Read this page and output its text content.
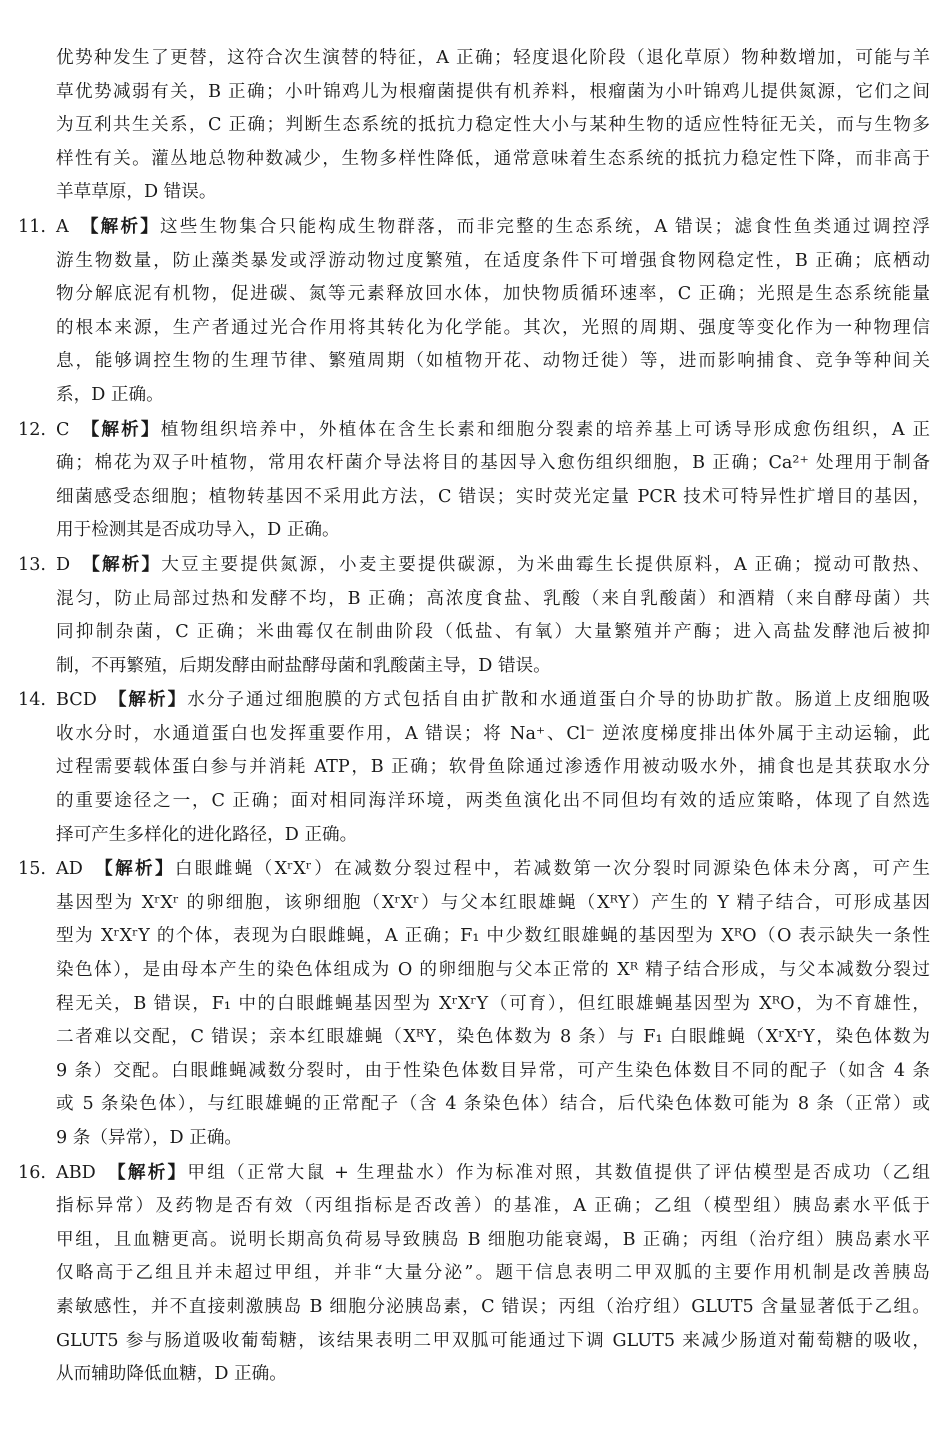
优势种发生了更替，这符合次生演替的特征，A 正确；轻度退化阶段（退化草原）物种数增加，可能与羊
草优势减弱有关，B 正确；小叶锦鸡儿为根瘤菌提供有机养料，根瘤菌为小叶锦鸡儿提供氮源，它们之间
为互利共生关系，C 正确；判断生态系统的抵抗力稳定性大小与某种生物的适应性特征无关，而与生物多
样性有关。灌丛地总物种数减少，生物多样性降低，通常意味着生态系统的抵抗力稳定性下降，而非高于
羊草草原，D 错误。
11. A 【解析】这些生物集合只能构成生物群落，而非完整的生态系统，A 错误；滤食性鱼类通过调控浮
游生物数量，防止藻类暴发或浮游动物过度繁殖，在适度条件下可增强食物网稳定性，B 正确；底栖动
物分解底泥有机物，促进碳、氮等元素释放回水体，加快物质循环速率，C 正确；光照是生态系统能量
的根本来源，生产者通过光合作用将其转化为化学能。其次，光照的周期、强度等变化作为一种物理信
息，能够调控生物的生理节律、繁殖周期（如植物开花、动物迁徙）等，进而影响捕食、竞争等种间关
系，D 正确。
12. C 【解析】植物组织培养中，外植体在含生长素和细胞分裂素的培养基上可诱导形成愈伤组织，A 正
确；棉花为双子叶植物，常用农杆菌介导法将目的基因导入愈伤组织细胞，B 正确；Ca²⁺ 处理用于制备
细菌感受态细胞；植物转基因不采用此方法，C 错误；实时荧光定量 PCR 技术可特异性扩增目的基因，
用于检测其是否成功导入，D 正确。
13. D 【解析】大豆主要提供氮源，小麦主要提供碳源，为米曲霉生长提供原料，A 正确；搅动可散热、
混匀，防止局部过热和发酵不均，B 正确；高浓度食盐、乳酸（来自乳酸菌）和酒精（来自酵母菌）共
同抑制杂菌，C 正确；米曲霉仅在制曲阶段（低盐、有氧）大量繁殖并产酶；进入高盐发酵池后被抑
制，不再繁殖，后期发酵由耐盐酵母菌和乳酸菌主导，D 错误。
14. BCD 【解析】水分子通过细胞膜的方式包括自由扩散和水通道蛋白介导的协助扩散。肠道上皮细胞吸
收水分时，水通道蛋白也发挥重要作用，A 错误；将 Na⁺、Cl⁻ 逆浓度梯度排出体外属于主动运输，此
过程需要载体蛋白参与并消耗 ATP，B 正确；软骨鱼除通过渗透作用被动吸水外，捕食也是其获取水分
的重要途径之一，C 正确；面对相同海洋环境，两类鱼演化出不同但均有效的适应策略，体现了自然选
择可产生多样化的进化路径，D 正确。
15. AD 【解析】白眼雌蝇（XʳXʳ）在减数分裂过程中，若减数第一次分裂时同源染色体未分离，可产生
基因型为 XʳXʳ 的卵细胞，该卵细胞（XʳXʳ）与父本红眼雄蝇（XᴿY）产生的 Y 精子结合，可形成基因
型为 XʳXʳY 的个体，表现为白眼雌蝇，A 正确；F₁ 中少数红眼雄蝇的基因型为 XᴿO（O 表示缺失一条性
染色体），是由母本产生的染色体组成为 O 的卵细胞与父本正常的 Xᴿ 精子结合形成，与父本减数分裂过
程无关，B 错误，F₁ 中的白眼雌蝇基因型为 XʳXʳY（可育），但红眼雄蝇基因型为 XᴿO，为不育雄性，
二者难以交配，C 错误；亲本红眼雄蝇（XᴿY，染色体数为 8 条）与 F₁ 白眼雌蝇（XʳXʳY，染色体数为
9 条）交配。白眼雌蝇减数分裂时，由于性染色体数目异常，可产生染色体数目不同的配子（如含 4 条
或 5 条染色体），与红眼雄蝇的正常配子（含 4 条染色体）结合，后代染色体数可能为 8 条（正常）或
9 条（异常），D 正确。
16. ABD 【解析】甲组（正常大鼠 + 生理盐水）作为标准对照，其数值提供了评估模型是否成功（乙组
指标异常）及药物是否有效（丙组指标是否改善）的基准，A 正确；乙组（模型组）胰岛素水平低于
甲组，且血糖更高。说明长期高负荷易导致胰岛 B 细胞功能衰竭，B 正确；丙组（治疗组）胰岛素水平
仅略高于乙组且并未超过甲组，并非“大量分泌”。题干信息表明二甲双胍的主要作用机制是改善胰岛
素敏感性，并不直接刺激胰岛 B 细胞分泌胰岛素，C 错误；丙组（治疗组）GLUT5 含量显著低于乙组。
GLUT5 参与肠道吸收葡萄糖，该结果表明二甲双胍可能通过下调 GLUT5 来减少肠道对葡萄糖的吸收，
从而辅助降低血糖，D 正确。
